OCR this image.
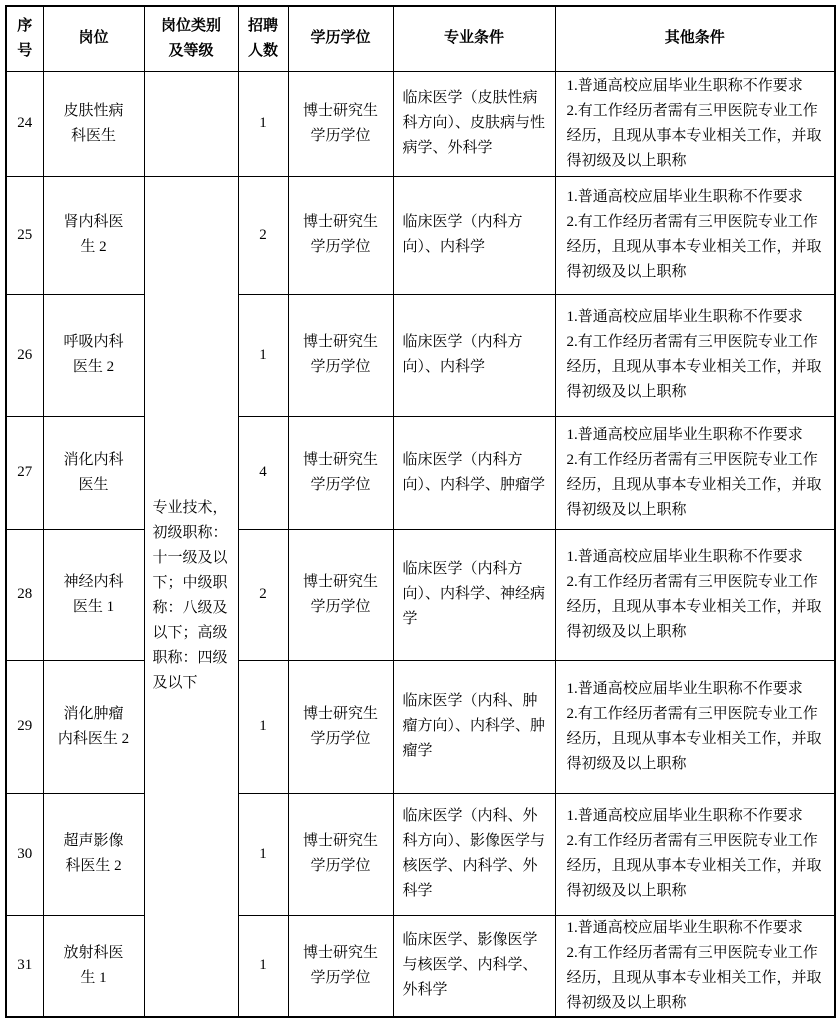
序号	岗位	岗位类别及等级	招聘人数	学历学位	专业条件	其他条件
24	皮肤性病科医生		1	博士研究生学历学位	临床医学（皮肤性病科方向）、皮肤病与性病学、外科学	1.普通高校应届毕业生职称不作要求
2.有工作经历者需有三甲医院专业工作经历，且现从事本专业相关工作，并取得初级及以上职称

25	肾内科医生 2	专业技术，初级职称：十一级及以下；中级职称：八级及以下；高级职称：四级及以下	2	博士研究生学历学位	临床医学（内科方向）、内科学	1.普通高校应届毕业生职称不作要求
2.有工作经历者需有三甲医院专业工作经历，且现从事本专业相关工作，并取得初级及以上职称

26	呼吸内科医生 2		1	博士研究生学历学位	临床医学（内科方向）、内科学	1.普通高校应届毕业生职称不作要求
2.有工作经历者需有三甲医院专业工作经历，且现从事本专业相关工作，并取得初级及以上职称

27	消化内科医生		4	博士研究生学历学位	临床医学（内科方向）、内科学、肿瘤学	1.普通高校应届毕业生职称不作要求
2.有工作经历者需有三甲医院专业工作经历，且现从事本专业相关工作，并取得初级及以上职称

28	神经内科医生 1		2	博士研究生学历学位	临床医学（内科方向）、内科学、神经病学	1.普通高校应届毕业生职称不作要求
2.有工作经历者需有三甲医院专业工作经历，且现从事本专业相关工作，并取得初级及以上职称

29	消化肿瘤内科医生 2		1	博士研究生学历学位	临床医学（内科、肿瘤方向）、内科学、肿瘤学	1.普通高校应届毕业生职称不作要求
2.有工作经历者需有三甲医院专业工作经历，且现从事本专业相关工作，并取得初级及以上职称

30	超声影像科医生 2		1	博士研究生学历学位	临床医学（内科、外科方向）、影像医学与核医学、内科学、外科学	1.普通高校应届毕业生职称不作要求
2.有工作经历者需有三甲医院专业工作经历，且现从事本专业相关工作，并取得初级及以上职称

31	放射科医生 1		1	博士研究生学历学位	临床医学、影像医学与核医学、内科学、外科学	1.普通高校应届毕业生职称不作要求
2.有工作经历者需有三甲医院专业工作经历，且现从事本专业相关工作，并取得初级及以上职称
